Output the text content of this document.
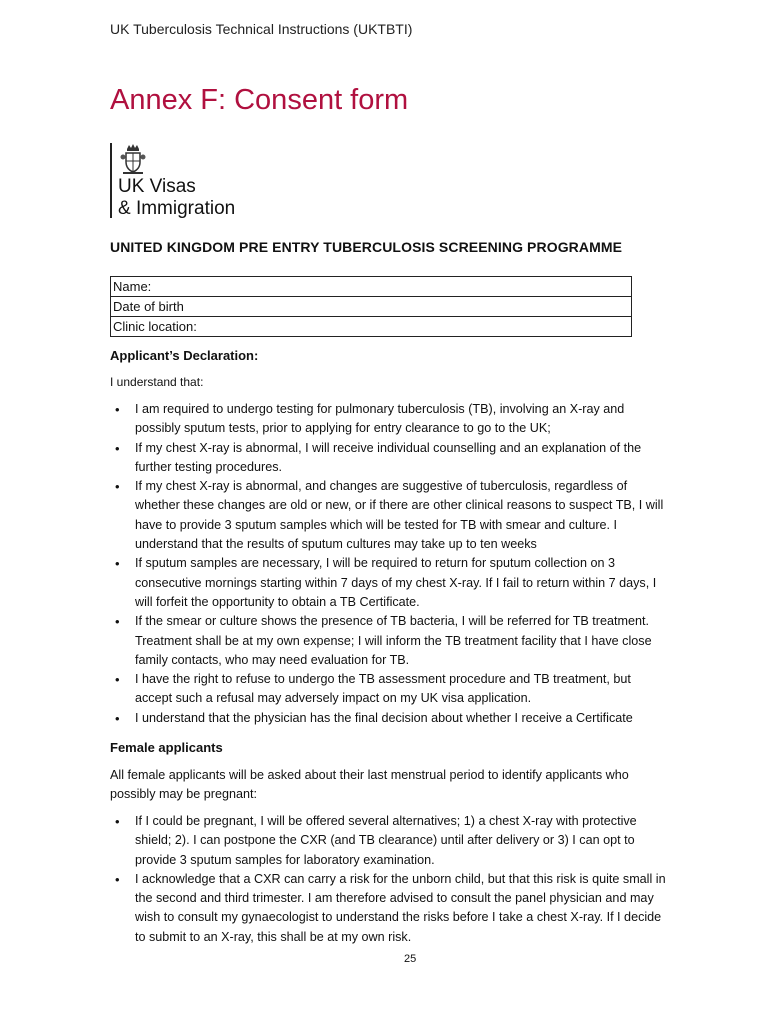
UK Tuberculosis Technical Instructions (UKTBTI)
Annex F: Consent form
UK Visas
& Immigration
UNITED KINGDOM PRE ENTRY TUBERCULOSIS SCREENING PROGRAMME
Name:
Date of birth
Clinic location:
Applicant’s Declaration:
I understand that:
• I am required to undergo testing for pulmonary tuberculosis (TB), involving an X-ray and possibly sputum tests, prior to applying for entry clearance to go to the UK;
• If my chest X-ray is abnormal, I will receive individual counselling and an explanation of the further testing procedures.
• If my chest X-ray is abnormal, and changes are suggestive of tuberculosis, regardless of whether these changes are old or new, or if there are other clinical reasons to suspect TB, I will have to provide 3 sputum samples which will be tested for TB with smear and culture. I understand that the results of sputum cultures may take up to ten weeks
• If sputum samples are necessary, I will be required to return for sputum collection on 3 consecutive mornings starting within 7 days of my chest X-ray. If I fail to return within 7 days, I will forfeit the opportunity to obtain a TB Certificate.
• If the smear or culture shows the presence of TB bacteria, I will be referred for TB treatment. Treatment shall be at my own expense; I will inform the TB treatment facility that I have close family contacts, who may need evaluation for TB.
• I have the right to refuse to undergo the TB assessment procedure and TB treatment, but accept such a refusal may adversely impact on my UK visa application.
• I understand that the physician has the final decision about whether I receive a Certificate
Female applicants
All female applicants will be asked about their last menstrual period to identify applicants who possibly may be pregnant:
• If I could be pregnant, I will be offered several alternatives; 1) a chest X-ray with protective shield; 2). I can postpone the CXR (and TB clearance) until after delivery or 3) I can opt to provide 3 sputum samples for laboratory examination.
• I acknowledge that a CXR can carry a risk for the unborn child, but that this risk is quite small in the second and third trimester. I am therefore advised to consult the panel physician and may wish to consult my gynaecologist to understand the risks before I take a chest X-ray. If I decide to submit to an X-ray, this shall be at my own risk.
25
